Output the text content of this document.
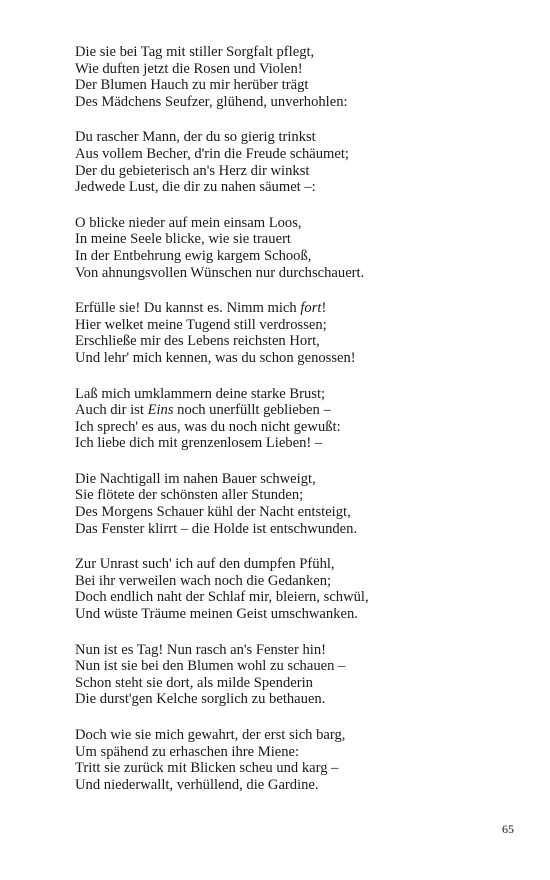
Die sie bei Tag mit stiller Sorgfalt pflegt,
Wie duften jetzt die Rosen und Violen!
Der Blumen Hauch zu mir herüber trägt
Des Mädchens Seufzer, glühend, unverhohlen:
Du rascher Mann, der du so gierig trinkst
Aus vollem Becher, d'rin die Freude schäumet;
Der du gebieterisch an's Herz dir winkst
Jedwede Lust, die dir zu nahen säumet –:
O blicke nieder auf mein einsam Loos,
In meine Seele blicke, wie sie trauert
In der Entbehrung ewig kargem Schooß,
Von ahnungsvollen Wünschen nur durchschauert.
Erfülle sie! Du kannst es. Nimm mich fort!
Hier welket meine Tugend still verdrossen;
Erschließe mir des Lebens reichsten Hort,
Und lehr' mich kennen, was du schon genossen!
Laß mich umklammern deine starke Brust;
Auch dir ist Eins noch unerfüllt geblieben –
Ich sprech' es aus, was du noch nicht gewußt:
Ich liebe dich mit grenzenlosem Lieben! –
Die Nachtigall im nahen Bauer schweigt,
Sie flötete der schönsten aller Stunden;
Des Morgens Schauer kühl der Nacht entsteigt,
Das Fenster klirrt – die Holde ist entschwunden.
Zur Unrast such' ich auf den dumpfen Pfühl,
Bei ihr verweilen wach noch die Gedanken;
Doch endlich naht der Schlaf mir, bleiern, schwül,
Und wüste Träume meinen Geist umschwanken.
Nun ist es Tag! Nun rasch an's Fenster hin!
Nun ist sie bei den Blumen wohl zu schauen –
Schon steht sie dort, als milde Spenderin
Die durst'gen Kelche sorglich zu bethauen.
Doch wie sie mich gewahrt, der erst sich barg,
Um spähend zu erhaschen ihre Miene:
Tritt sie zurück mit Blicken scheu und karg –
Und niederwallt, verhüllend, die Gardine.
65
